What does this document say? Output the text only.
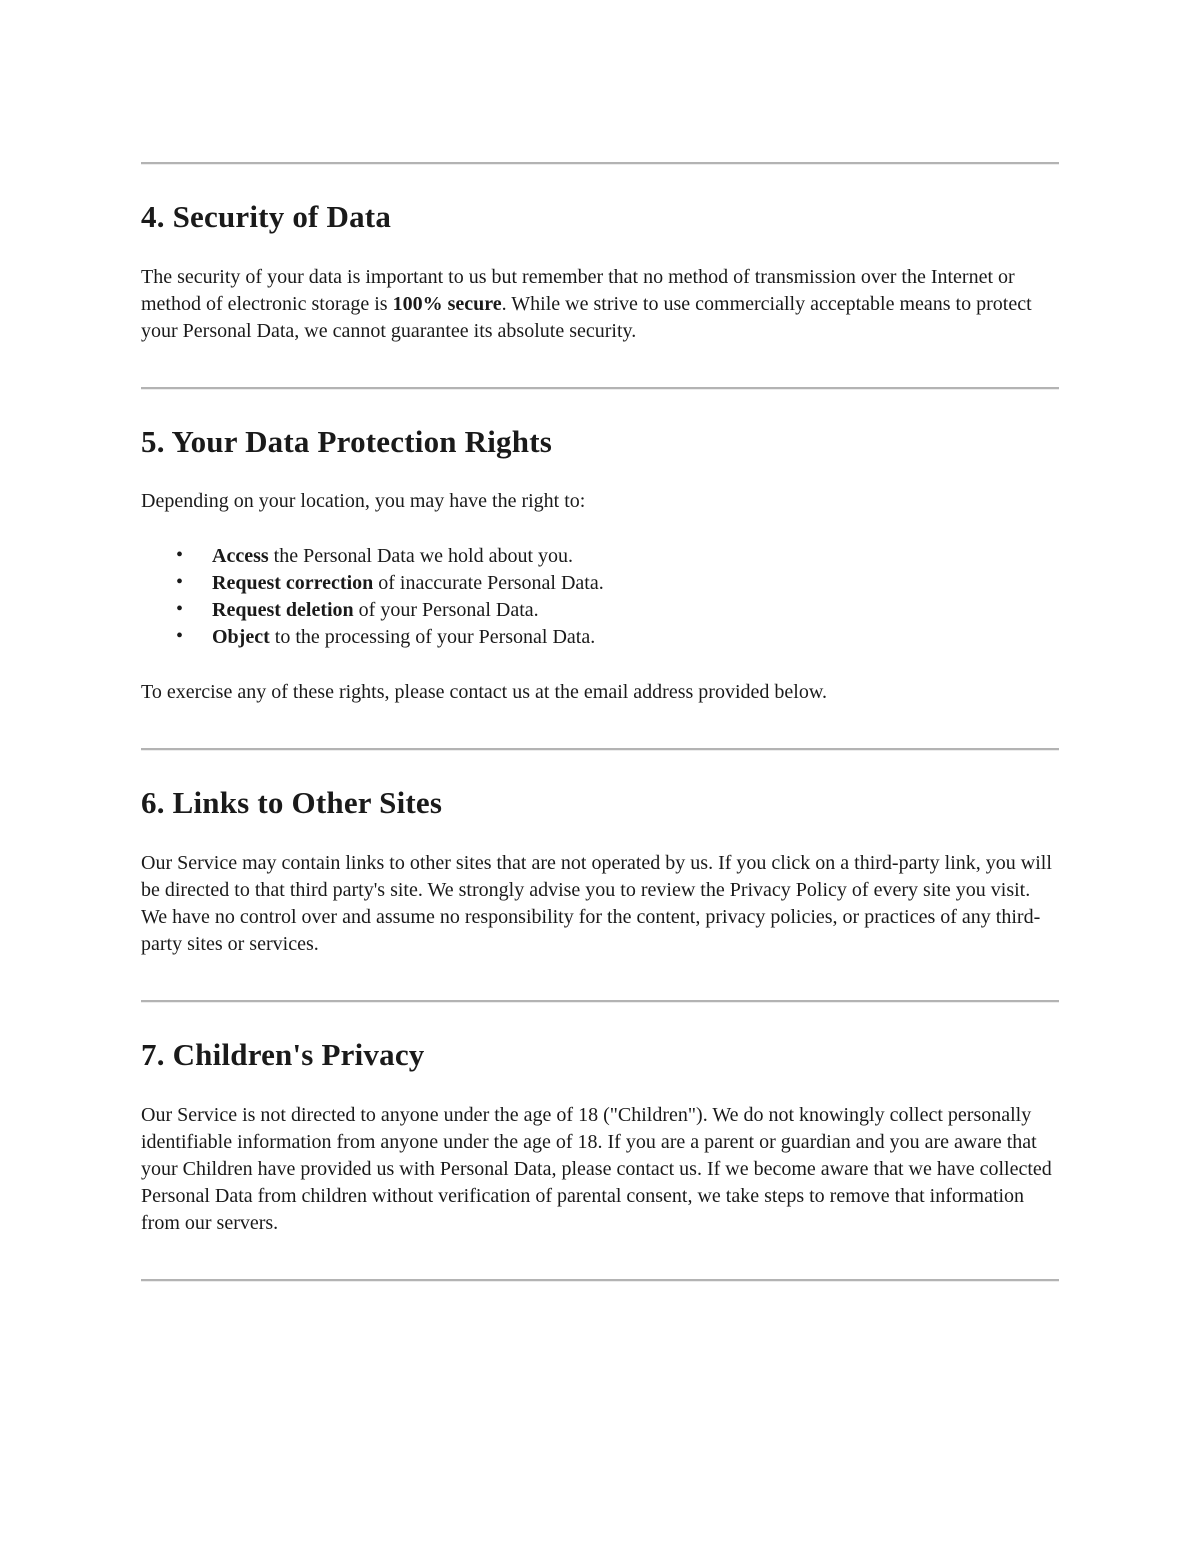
4. Security of Data

The security of your data is important to us but remember that no method of transmission over the Internet or method of electronic storage is 100% secure. While we strive to use commercially acceptable means to protect your Personal Data, we cannot guarantee its absolute security.

5. Your Data Protection Rights

Depending on your location, you may have the right to:

• Access the Personal Data we hold about you.
• Request correction of inaccurate Personal Data.
• Request deletion of your Personal Data.
• Object to the processing of your Personal Data.

To exercise any of these rights, please contact us at the email address provided below.

6. Links to Other Sites

Our Service may contain links to other sites that are not operated by us. If you click on a third-party link, you will be directed to that third party's site. We strongly advise you to review the Privacy Policy of every site you visit. We have no control over and assume no responsibility for the content, privacy policies, or practices of any third-party sites or services.

7. Children's Privacy

Our Service is not directed to anyone under the age of 18 ("Children"). We do not knowingly collect personally identifiable information from anyone under the age of 18. If you are a parent or guardian and you are aware that your Children have provided us with Personal Data, please contact us. If we become aware that we have collected Personal Data from children without verification of parental consent, we take steps to remove that information from our servers.
